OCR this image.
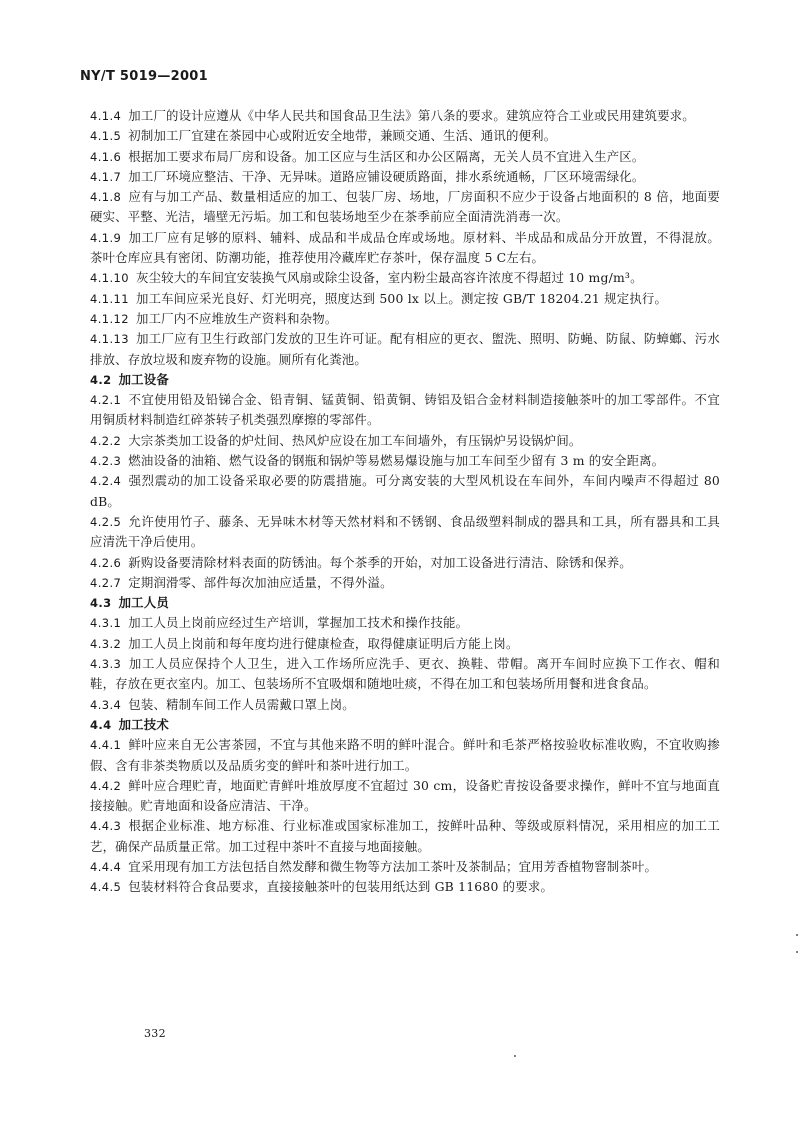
NY/T 5019—2001

4.1.4 加工厂的设计应遵从《中华人民共和国食品卫生法》第八条的要求。建筑应符合工业或民用建筑要求。

4.1.5 初制加工厂宜建在茶园中心或附近安全地带，兼顾交通、生活、通讯的便利。

4.1.6 根据加工要求布局厂房和设备。加工区应与生活区和办公区隔离，无关人员不宜进入生产区。

4.1.7 加工厂环境应整洁、干净、无异味。道路应铺设硬质路面，排水系统通畅，厂区环境需绿化。

4.1.8 应有与加工产品、数量相适应的加工、包装厂房、场地，厂房面积不应少于设备占地面积的 8 倍，地面要硬实、平整、光洁，墙壁无污垢。加工和包装场地至少在茶季前应全面清洗消毒一次。

4.1.9 加工厂应有足够的原料、辅料、成品和半成品仓库或场地。原材料、半成品和成品分开放置，不得混放。茶叶仓库应具有密闭、防潮功能，推荐使用冷藏库贮存茶叶，保存温度 5 C左右。

4.1.10 灰尘较大的车间宜安装换气风扇或除尘设备，室内粉尘最高容许浓度不得超过 10 mg/m³。

4.1.11 加工车间应采光良好、灯光明亮，照度达到 500 lx 以上。测定按 GB/T 18204.21 规定执行。

4.1.12 加工厂内不应堆放生产资料和杂物。

4.1.13 加工厂应有卫生行政部门发放的卫生许可证。配有相应的更衣、盥洗、照明、防蝇、防鼠、防蟑螂、污水排放、存放垃圾和废弃物的设施。厕所有化粪池。

4.2 加工设备

4.2.1 不宜使用铅及铅锑合金、铅青铜、锰黄铜、铅黄铜、铸铝及铝合金材料制造接触茶叶的加工零部件。不宜用铜质材料制造红碎茶转子机类强烈摩擦的零部件。

4.2.2 大宗茶类加工设备的炉灶间、热风炉应设在加工车间墙外，有压锅炉另设锅炉间。

4.2.3 燃油设备的油箱、燃气设备的钢瓶和锅炉等易燃易爆设施与加工车间至少留有 3 m 的安全距离。

4.2.4 强烈震动的加工设备采取必要的防震措施。可分离安装的大型风机设在车间外，车间内噪声不得超过 80 dB。

4.2.5 允许使用竹子、藤条、无异味木材等天然材料和不锈钢、食品级塑料制成的器具和工具，所有器具和工具应清洗干净后使用。

4.2.6 新购设备要清除材料表面的防锈油。每个茶季的开始，对加工设备进行清洁、除锈和保养。

4.2.7 定期润滑零、部件每次加油应适量，不得外溢。

4.3 加工人员

4.3.1 加工人员上岗前应经过生产培训，掌握加工技术和操作技能。

4.3.2 加工人员上岗前和每年度均进行健康检查，取得健康证明后方能上岗。

4.3.3 加工人员应保持个人卫生，进入工作场所应洗手、更衣、换鞋、带帽。离开车间时应换下工作衣、帽和鞋，存放在更衣室内。加工、包装场所不宜吸烟和随地吐痰，不得在加工和包装场所用餐和进食食品。

4.3.4 包装、精制车间工作人员需戴口罩上岗。

4.4 加工技术

4.4.1 鲜叶应来自无公害茶园，不宜与其他来路不明的鲜叶混合。鲜叶和毛茶严格按验收标准收购，不宜收购掺假、含有非茶类物质以及品质劣变的鲜叶和茶叶进行加工。

4.4.2 鲜叶应合理贮青，地面贮青鲜叶堆放厚度不宜超过 30 cm，设备贮青按设备要求操作，鲜叶不宜与地面直接接触。贮青地面和设备应清洁、干净。

4.4.3 根据企业标准、地方标准、行业标准或国家标准加工，按鲜叶品种、等级或原料情况，采用相应的加工工艺，确保产品质量正常。加工过程中茶叶不直接与地面接触。

4.4.4 宜采用现有加工方法包括自然发酵和微生物等方法加工茶叶及茶制品；宜用芳香植物窨制茶叶。

4.4.5 包装材料符合食品要求，直接接触茶叶的包装用纸达到 GB 11680 的要求。

332
